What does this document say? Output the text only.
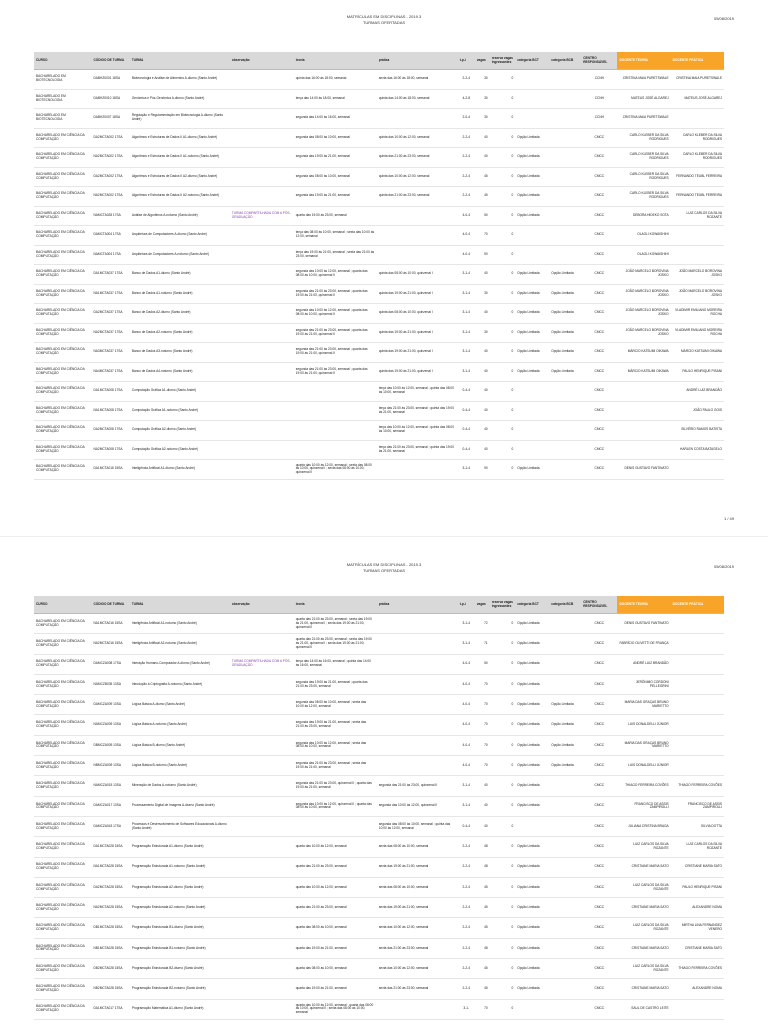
MATRÍCULAS EM DISCIPLINAS - 2019.3
TURMAS OFERTADAS
05/08/2019
CURSO	CÓDIGO DE TURMA	TURMA	observação	teoria	prática	t-p-i	vagas	reserva vagas ingressantes	categoria BCT	categoria BCB	CENTRO RESPONSÁVEL	DOCENTE TEORIA	DOCENTE PRÁTICA
BACHARELADO EM BIOTECNOLOGIA	DABHZ0001 18SA	Biotecnologia e Análise de Alimentos A-diurno (Santo André)		quinta das 16:00 às 18:00, semanal	sexta das 16:00 às 18:00, semanal	2-2-4	30	0			CCNH	CRISTINA MAIA PURETSWALE	CRISTINA MAIA PURETSWALE
BACHARELADO EM BIOTECNOLOGIA	DABHZ0010 18SA	Genômica e Pós-Genômica A-diurno (Santo André)		terça das 14:00 às 18:00, semanal	quinta das 14:00 às 18:00, semanal	4-2-8	30	0			CCNH	MATEUS JOSÉ ALGAREJ	MATEUS JOSÉ ALGAREJ
BACHARELADO EM BIOTECNOLOGIA	DABHZ0007 18SA	Regulação e Regulamentação em Biotecnologia A-diurno (Santo André)		segunda das 14:00 às 16:00, semanal		2-0-4	30	0			CCNH	CRISTINA MAIA PURETSWALE	
BACHARELADO EM CIÊNCIA DA COMPUTAÇÃO	DA2MCTA002 17SA	Algoritmos e Estruturas de Dados II A1-diurno (Santo André)		segunda das 08:00 às 10:00, semanal	quinta das 10:00 às 12:00, semanal	2-2-4	40	0	Opção Limitada		CMCC	CARLO KLEBER DA SILVA RODRIGUES	CARLO KLEBER DA SILVA RODRIGUES
BACHARELADO EM CIÊNCIA DA COMPUTAÇÃO	NA2MCTA002 17SA	Algoritmos e Estruturas de Dados II A1-noturno (Santo André)		segunda das 19:00 às 21:00, semanal	quinta das 21:00 às 23:00, semanal	2-2-4	40	0	Opção Limitada		CMCC	CARLO KLEBER DA SILVA RODRIGUES	CARLO KLEBER DA SILVA RODRIGUES
BACHARELADO EM CIÊNCIA DA COMPUTAÇÃO	DA2MCTA002 17SA	Algoritmos e Estruturas de Dados II A2-diurno (Santo André)		segunda das 08:00 às 10:00, semanal	quinta das 10:00 às 12:00, semanal	2-2-4	45	0	Opção Limitada		CMCC	CARLO KLEBER DA SILVA RODRIGUES	FERNANDO TEUBL FERREIRA
BACHARELADO EM CIÊNCIA DA COMPUTAÇÃO	NA2MCTA002 17SA	Algoritmos e Estruturas de Dados II A2-noturno (Santo André)		segunda das 19:00 às 21:00, semanal	quinta das 21:00 às 23:00, semanal	2-2-4	45	0	Opção Limitada		CMCC	CARLO KLEBER DA SILVA RODRIGUES	FERNANDO TEUBL FERREIRA
BACHARELADO EM CIÊNCIA DA COMPUTAÇÃO	NAMCTA028 17SA	Análise de Algoritmos A-noturno (Santo André)	TURMA COMPARTILHADA COM A PÓS-GRADUAÇÃO	quarta das 19:00 às 23:00, semanal		4-0-4	50	0	Opção Limitada		CMCC	DEBORA HIDEKO SOTA	LUIZ CARLOS DA SILVA ROZANTE
BACHARELADO EM CIÊNCIA DA COMPUTAÇÃO	DAMCTA004 17SA	Arquitetura de Computadores A-diurno (Santo André)		terça das 08:00 às 10:00, semanal ; sexta das 10:00 às 12:00, semanal		4-0-4	70	0			CMCC	OLAOLI KOWAISHIHI	
BACHARELADO EM CIÊNCIA DA COMPUTAÇÃO	NAMCTA004 17SA	Arquitetura de Computadores A-noturno (Santo André)		terça das 19:00 às 21:00, semanal ; sexta das 21:00 às 23:00, semanal		4-0-4	90	0			CMCC	OLAOLI KOWAISHIHI	
BACHARELADO EM CIÊNCIA DA COMPUTAÇÃO	DA1MCTA037 17SA	Banco de Dados A1-diurno (Santo André)		segunda das 10:00 às 12:00, semanal ; quarta das 08:00 às 10:00, quinzenal II	quinta das 08:00 às 10:00, quinzenal I	3-1-4	40	0	Opção Limitada	Opção Limitada	CMCC	JOÃO MARCELO BOROVINA JOSKO	JOÃO MARCELO BOROVINA JOSKO
BACHARELADO EM CIÊNCIA DA COMPUTAÇÃO	NA1MCTA037 17SA	Banco de Dados A1-noturno (Santo André)		segunda das 21:00 às 23:00, semanal ; quarta das 19:00 às 21:00, quinzenal II	quinta das 19:00 às 21:00, quinzenal I	3-1-4	30	0	Opção Limitada	Opção Limitada	CMCC	JOÃO MARCELO BOROVINA JOSKO	JOÃO MARCELO BOROVINA JOSKO
BACHARELADO EM CIÊNCIA DA COMPUTAÇÃO	DA2MCTA037 17SA	Banco de Dados A2-diurno (Santo André)		segunda das 10:00 às 12:00, semanal ; quarta das 08:00 às 10:00, quinzenal II	quinta das 08:00 às 10:00, quinzenal I	3-1-4	40	0	Opção Limitada	Opção Limitada	CMCC	JOÃO MARCELO BOROVINA JOSKO	VLADIMIR EMILIANO MOREIRA ROCHA
BACHARELADO EM CIÊNCIA DA COMPUTAÇÃO	NA2MCTA037 17SA	Banco de Dados A2-noturno (Santo André)		segunda das 21:00 às 23:00, semanal ; quarta das 19:00 às 21:00, quinzenal II	quinta das 19:00 às 21:00, quinzenal I	3-1-4	30	0	Opção Limitada	Opção Limitada	CMCC	JOÃO MARCELO BOROVINA JOSKO	VLADIMIR EMILIANO MOREIRA ROCHA
BACHARELADO EM CIÊNCIA DA COMPUTAÇÃO	NA3MCTA037 17SA	Banco de Dados A3-noturno (Santo André)		segunda das 21:00 às 23:00, semanal ; quarta das 19:00 às 21:00, quinzenal II	quinta das 19:00 às 21:00, quinzenal I	3-1-4	40	0	Opção Limitada	Opção Limitada	CMCC	MÁRCIO KATSUMI OIKAWA	MÁRCIO KATSUMI OIKAWA
BACHARELADO EM CIÊNCIA DA COMPUTAÇÃO	NA4MCTA037 17SA	Banco de Dados A4-noturno (Santo André)		segunda das 21:00 às 23:00, semanal ; quarta das 19:00 às 21:00, quinzenal II	quinta das 19:00 às 21:00, quinzenal I	3-1-4	40	0	Opção Limitada	Opção Limitada	CMCC	MÁRCIO KATSUMI OIKAWA	PAULO HENRIQUE PISANI
BACHARELADO EM CIÊNCIA DA COMPUTAÇÃO	DA1MCTA008 17SA	Computação Gráfica A1-diurno (Santo André)			terça das 10:00 às 12:00, semanal ; quinta das 08:00 às 10:00, semanal	0-4-4	40	0			CMCC		ANDRÉ LUIZ BRANDÃO
BACHARELADO EM CIÊNCIA DA COMPUTAÇÃO	NA1MCTA008 17SA	Computação Gráfica A1-noturno (Santo André)			terça das 21:00 às 23:00, semanal ; quinta das 19:00 às 21:00, semanal	0-4-4	40	0			CMCC		JOÃO PAULO GOIS
BACHARELADO EM CIÊNCIA DA COMPUTAÇÃO	DA2MCTA008 17SA	Computação Gráfica A2-diurno (Santo André)			terça das 10:00 às 12:00, semanal ; quinta das 08:00 às 10:00, semanal	0-4-4	40	0			CMCC		SILVÉRIO RAMOS BATISTA
BACHARELADO EM CIÊNCIA DA COMPUTAÇÃO	NA2MCTA008 17SA	Computação Gráfica A2-noturno (Santo André)			terça das 21:00 às 23:00, semanal ; quinta das 19:00 às 21:00, semanal	0-4-4	40	0			CMCC		HARLEN COSTA BATAGELO
BACHARELADO EM CIÊNCIA DA COMPUTAÇÃO	DA1MCTA016 15SA	Inteligência Artificial A1-diurno (Santo André)		quarta das 10:00 às 12:00, semanal ; sexta das 08:00 às 10:00, quinzenal I ; sexta das 08:00 às 10:00, quinzenal II		3-1-4	90	0	Opção Limitada		CMCC	DENIS GUSTAVO FANTINATO	
1 / 49
MATRÍCULAS EM DISCIPLINAS - 2019.3
TURMAS OFERTADAS
05/08/2019
CURSO	CÓDIGO DE TURMA	TURMA	observação	teoria	prática	t-p-i	vagas	reserva vagas ingressantes	categoria BCT	categoria BCB	CENTRO RESPONSÁVEL	DOCENTE TEORIA	DOCENTE PRÁTICA
BACHARELADO EM CIÊNCIA DA COMPUTAÇÃO	NA1MCTA016 15SA	Inteligência Artificial A1-noturno (Santo André)		quarta das 21:00 às 23:00, semanal ; sexta das 19:00 às 21:00, quinzenal I ; sexta das 19:00 às 21:00, quinzenal II		3-1-4	72	0	Opção Limitada		CMCC	DENIS GUSTAVO FANTINATO	
BACHARELADO EM CIÊNCIA DA COMPUTAÇÃO	NA2MCTA016 15SA	Inteligência Artificial A2-noturno (Santo André)		quarta das 21:00 às 23:00, semanal ; sexta das 19:00 às 21:00, quinzenal I ; sexta das 19:00 às 21:00, quinzenal II		3-1-4	71	0	Opção Limitada		CMCC	FABRÍCIO OLIVETTI DE FRANÇA	
BACHARELADO EM CIÊNCIA DA COMPUTAÇÃO	DAMCZA008 17SA	Interação Humano-Computador A-diurno (Santo André)	TURMA COMPARTILHADA COM A PÓS-GRADUAÇÃO	terça das 14:00 às 16:00, semanal ; quinta das 14:00 às 16:00, semanal		4-0-4	50	0	Opção Limitada		CMCC	ANDRÉ LUIZ BRANDÃO	
BACHARELADO EM CIÊNCIA DA COMPUTAÇÃO	NAMCZB035 13SA	Introdução à Criptografia A-noturno (Santo André)		segunda das 19:00 às 21:00, semanal ; quarta das 21:00 às 23:00, semanal		4-0-4	70	0	Opção Limitada		CMCC	JERÔNIMO CORDONI PELLEGRINI	
BACHARELADO EM CIÊNCIA DA COMPUTAÇÃO	DAMCZA009 13SA	Lógica Básica A-diurno (Santo André)		segunda das 08:00 às 10:00, semanal ; sexta das 10:00 às 12:00, semanal		4-0-4	70	0	Opção Limitada	Opção Limitada	CMCC	MARIA DAS GRAÇAS BRUNO MARIETTO	
BACHARELADO EM CIÊNCIA DA COMPUTAÇÃO	NAMCZA009 13SA	Lógica Básica A-noturno (Santo André)		segunda das 19:00 às 21:00, semanal ; sexta das 21:00 às 23:00, semanal		4-0-4	70	0	Opção Limitada	Opção Limitada	CMCC	LUIS DONALDELLI JÚNIOR	
BACHARELADO EM CIÊNCIA DA COMPUTAÇÃO	DBMCZA009 13SA	Lógica Básica B-diurno (Santo André)		segunda das 10:00 às 12:00, semanal ; sexta das 08:00 às 10:00, semanal		4-0-4	70	0	Opção Limitada	Opção Limitada	CMCC	MARIA DAS GRAÇAS BRUNO MARIETTO	
BACHARELADO EM CIÊNCIA DA COMPUTAÇÃO	NBMCZA009 13SA	Lógica Básica B-noturno (Santo André)		segunda das 21:00 às 23:00, semanal ; sexta das 19:00 às 21:00, semanal		4-0-4	70	0	Opção Limitada	Opção Limitada	CMCC	LUIS DONALDELLI JÚNIOR	
BACHARELADO EM CIÊNCIA DA COMPUTAÇÃO	NAMCZA015 13SA	Mineração de Dados A-noturno (Santo André)		segunda das 21:00 às 23:00, quinzenal II ; quarta das 19:00 às 21:00, semanal	segunda das 21:00 às 23:00, quinzenal II	3-1-4	40	0	Opção Limitada		CMCC	THIAGO FERREIRA COVÕES	THIAGO FERREIRA COVÕES
BACHARELADO EM CIÊNCIA DA COMPUTAÇÃO	DAMCZA017 13SA	Processamento Digital de Imagens A-diurno (Santo André)		segunda das 10:00 às 12:00, quinzenal II ; quarta das 08:00 às 10:00, semanal	segunda das 10:00 às 12:00, quinzenal II	3-1-4	40	0	Opção Limitada		CMCC	FRANCISCO DE ASSIS ZAMPIROLLI	FRANCISCO DE ASSIS ZAMPIROLLI
BACHARELADO EM CIÊNCIA DA COMPUTAÇÃO	DAMCZA043 17SA	Processos e Desenvolvimento de Softwares Educacionais A-diurno (Santo André)			segunda das 08:00 às 10:00, semanal ; quinta das 10:00 às 12:00, semanal	0-4-4	40	0			CMCC	JULIANA CRISTINA BRAGA	SILVIA DOTTA
BACHARELADO EM CIÊNCIA DA COMPUTAÇÃO	DA1MCTA028 15SA	Programação Estruturada A1-diurno (Santo André)		quarta das 10:00 às 12:00, semanal	sexta das 08:00 às 10:00, semanal	2-2-4	48	0	Opção Limitada		CMCC	LUIZ CARLOS DA SILVA ROZANTE	LUIZ CARLOS DA SILVA ROZANTE
BACHARELADO EM CIÊNCIA DA COMPUTAÇÃO	NA1MCTA028 15SA	Programação Estruturada A1-noturno (Santo André)		quarta das 21:00 às 23:00, semanal	sexta das 19:00 às 21:00, semanal	2-2-4	48	0	Opção Limitada		CMCC	CRISTIANE MARIA SATO	CRISTIANE MARIA SATO
BACHARELADO EM CIÊNCIA DA COMPUTAÇÃO	DA2MCTA028 15SA	Programação Estruturada A2-diurno (Santo André)		quarta das 10:00 às 12:00, semanal	sexta das 08:00 às 10:00, semanal	2-2-4	45	0	Opção Limitada		CMCC	LUIZ CARLOS DA SILVA ROZANTE	PAULO HENRIQUE PISANI
BACHARELADO EM CIÊNCIA DA COMPUTAÇÃO	NA2MCTA028 15SA	Programação Estruturada A2-noturno (Santo André)		quarta das 21:00 às 23:00, semanal	sexta das 19:00 às 21:00, semanal	2-2-4	45	0	Opção Limitada		CMCC	CRISTIANE MARIA SATO	ALEXANDRE NOMA
BACHARELADO EM CIÊNCIA DA COMPUTAÇÃO	DB1MCTA028 15SA	Programação Estruturada B1-diurno (Santo André)		quarta das 08:00 às 10:00, semanal	sexta das 10:00 às 12:00, semanal	2-2-4	45	0	Opção Limitada		CMCC	LUIZ CARLOS DA SILVA ROZANTE	MIRTHA LINA FERNANDEZ VENERO
BACHARELADO EM CIÊNCIA DA COMPUTAÇÃO	NB1MCTA028 15SA	Programação Estruturada B1-noturno (Santo André)		quarta das 19:00 às 21:00, semanal	sexta das 21:00 às 23:00, semanal	2-2-4	48	0	Opção Limitada		CMCC	CRISTIANE MARIA SATO	CRISTIANE MARIA SATO
BACHARELADO EM CIÊNCIA DA COMPUTAÇÃO	DB2MCTA028 15SA	Programação Estruturada B2-diurno (Santo André)		quarta das 08:00 às 10:00, semanal	sexta das 10:00 às 12:00, semanal	2-2-4	45	0	Opção Limitada		CMCC	LUIZ CARLOS DA SILVA ROZANTE	THIAGO FERREIRA COVÕES
BACHARELADO EM CIÊNCIA DA COMPUTAÇÃO	NB2MCTA028 15SA	Programação Estruturada B2-noturno (Santo André)		quarta das 19:00 às 21:00, semanal	sexta das 21:00 às 23:00, semanal	2-2-4	45	0	Opção Limitada		CMCC	CRISTIANE MARIA SATO	ALEXANDRE NOMA
BACHARELADO EM CIÊNCIA DA COMPUTAÇÃO	DA1MCTA017 17SA	Programação Matemática A1-diurno (Santo André)		quarta das 10:00 às 12:00, semanal ; quarta das 08:00 às 10:00, quinzenal II ; sexta das 08:00 às 10:00, semanal		3-1-	70	0			CMCC	SAUL DE CASTRO LEITE	
